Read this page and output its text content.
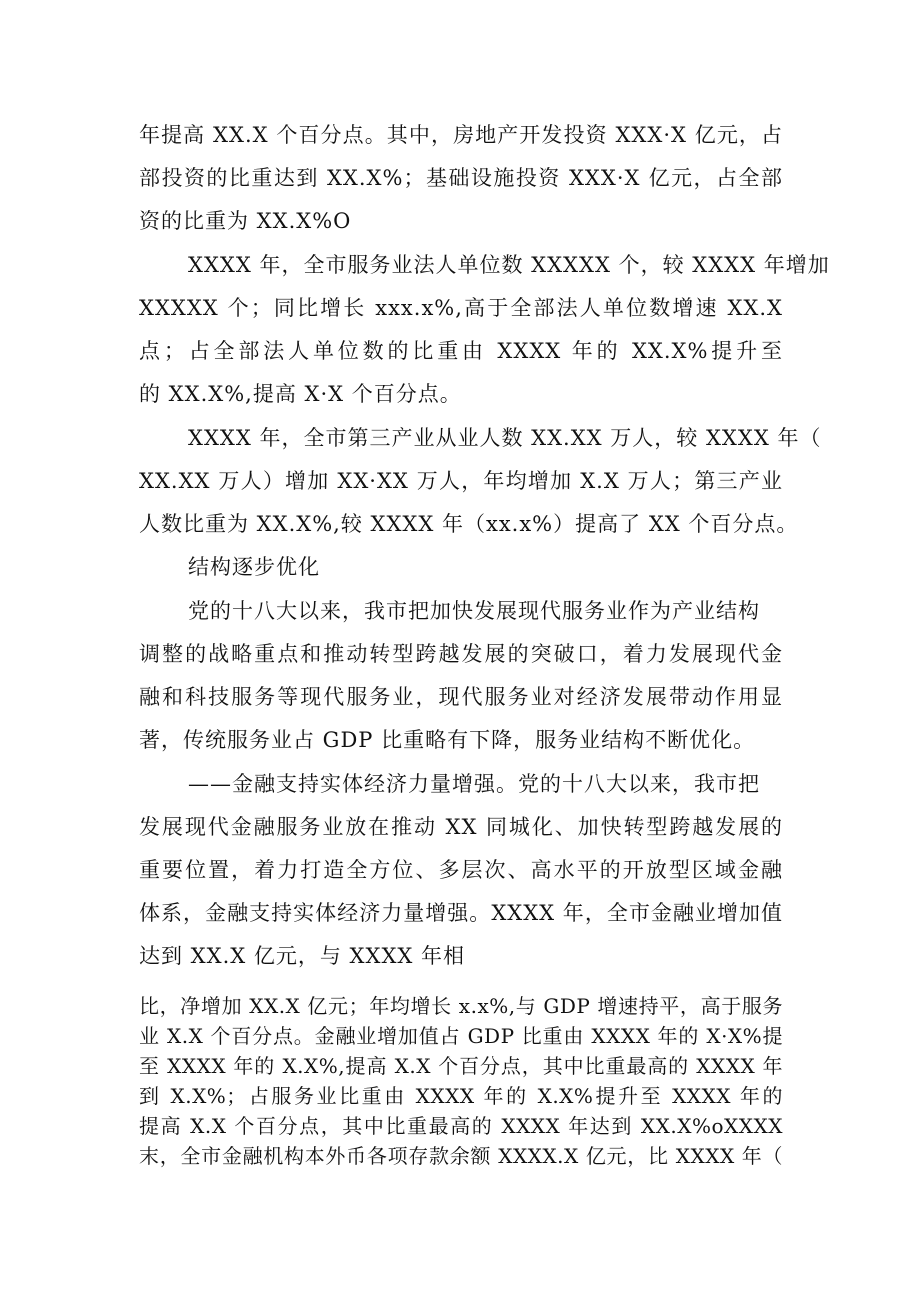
年提高 XX.X 个百分点。其中，房地产开发投资 XXX·X 亿元，占
部投资的比重达到 XX.X%；基础设施投资 XXX·X 亿元，占全部
资的比重为 XX.X%O
XXXX 年，全市服务业法人单位数 XXXXX 个，较 XXXX 年增加
XXXXX 个；同比增长 xxx.x%,高于全部法人单位数增速 XX.X
点；占全部法人单位数的比重由 XXXX 年的 XX.X%提升至
的 XX.X%,提高 X·X 个百分点。
XXXX 年，全市第三产业从业人数 XX.XX 万人，较 XXXX 年（
XX.XX 万人）增加 XX·XX 万人，年均增加 X.X 万人；第三产业
人数比重为 XX.X%,较 XXXX 年（xx.x%）提高了 XX 个百分点。
结构逐步优化
党的十八大以来，我市把加快发展现代服务业作为产业结构
调整的战略重点和推动转型跨越发展的突破口，着力发展现代金
融和科技服务等现代服务业，现代服务业对经济发展带动作用显
著，传统服务业占 GDP 比重略有下降，服务业结构不断优化。
——金融支持实体经济力量增强。党的十八大以来，我市把
发展现代金融服务业放在推动 XX 同城化、加快转型跨越发展的
重要位置，着力打造全方位、多层次、高水平的开放型区域金融
体系，金融支持实体经济力量增强。XXXX 年，全市金融业增加值
达到 XX.X 亿元，与 XXXX 年相
比，净增加 XX.X 亿元；年均增长 x.x%,与 GDP 增速持平，高于服务
业 X.X 个百分点。金融业增加值占 GDP 比重由 XXXX 年的 X·X%提
至 XXXX 年的 X.X%,提高 X.X 个百分点，其中比重最高的 XXXX 年
到 X.X%；占服务业比重由 XXXX 年的 X.X%提升至 XXXX 年的
提高 X.X 个百分点，其中比重最高的 XXXX 年达到 XX.X%oXXXX
末，全市金融机构本外币各项存款余额 XXXX.X 亿元，比 XXXX 年（
